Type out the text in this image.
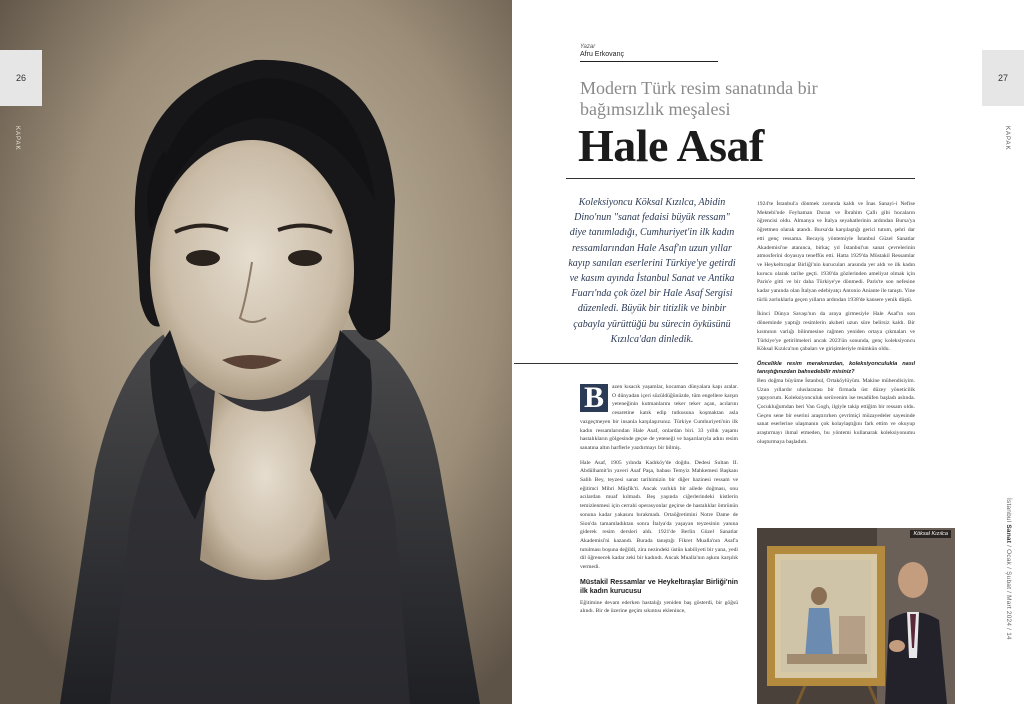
26
KAPAK
27
KAPAK
İstanbul Sanat / Ocak / Şubat / Mart 2024 / 14
Yazar
Afru Erkovanç
Modern Türk resim sanatında bir bağımsızlık meşalesi
Hale Asaf
Koleksiyoncu Köksal Kızılca, Abidin Dino'nun "sanat fedaisi büyük ressam" diye tanımladığı, Cumhuriyet'in ilk kadın ressamlarından Hale Asaf'ın uzun yıllar kayıp sanılan eserlerini Türkiye'ye getirdi ve kasım ayında İstanbul Sanat ve Antika Fuarı'nda çok özel bir Hale Asaf Sergisi düzenledi. Büyük bir titizlik ve binbir çabayla yürüttüğü bu sürecin öyküsünü Kızılca'dan dinledik.

B	azen kısacık yaşamlar, kocaman dünyalara kapı aralar. O dünyadan içeri süzüldüğünüzde, tüm engellere karşın yeteneğinin kutmanlarını teker teker açan, acılarını cesaretine katık edip tutkusuna koşmaktan asla vazgeçmeyen bir insanla karşılaşırsınız. Türkiye Cumhuriyeti'nin ilk kadın ressamlarından Hale Asaf, onlardan biri. 33 yıllık yaşamı hastalıkların gölgesinde geçse de yeteneği ve başarılarıyla adını resim sanatına altın harflerle yazdırmayı bir bilmiş.

Hale Asaf, 1905 yılında Kadıköy'de doğdu. Dedesi Sultan II. Abdülhamit'in yaveri Asaf Paşa, babası Temyiz Mahkemesi Başkanı Salih Bey, teyzesi sanat tarihimizin bir diğer hazinesi ressam ve eğitimci Mihri Müşfik'ti. Ancak varlıklı bir ailede doğması, onu acılardan muaf kılmadı. Beş yaşında ciğerlerindeki kistlerin temizlenmesi için cerrahi operasyonlar geçirse de hastalıklar ömrünün sonuna kadar yakasını bırakmadı. Ortaöğretimini Notre Dame de Sion'da tamamladıktan sonra İtalya'da yaşayan teyzesinin yanına giderek resim dersleri aldı. 1921'de Berlin Güzel Sanatlar Akademisi'ni kazandı. Burada tanıştığı Fikret Mualla'nın Asaf'a tutulması boşuna değildi, zira nezindeki üstün kabiliyeti bir yana, yedi dil öğrenecek kadar zeki bir kadındı. Ancak Mualla'nın aşkını karşılık vermedi.

Müstakil Ressamlar ve Heykeltıraşlar Birliği'nin ilk kadın kurucusu

Eğitimine devam ederken hastalığı yeniden baş gösterdi, bir göğsü alındı. Bir de üzerine geçim sıkıntısı eklenince,

1924'te İstanbul'a dönmek zorunda kaldı ve İnas Sanayi-i Nefise Mektebi'nde Feyhaman Duran ve İbrahim Çallı gibi hocaların öğrencisi oldu. Almanya ve İtalya seyahatlerinin ardından Bursa'ya öğretmen olarak atandı. Bursa'da karşılaştığı gerici tutum, şehri dar etti genç ressama. Becayiş yöntemiyle İstanbul Güzel Sanatlar Akademisi'ne atanınca, birkaç yıl İstanbul'un sanat çevrelerinin atmosferini doyasıya teneffüs etti. Hatta 1929'da Müstakil Ressamlar ve Heykeltıraşlar Birliği'nin kurucuları arasında yer aldı ve ilk kadın kurucu olarak tarihe geçti. 1930'da gözlerinden ameliyat olmak için Paris'e gitti ve bir daha Türkiye'ye dönmedi. Paris'te son nefesine kadar yanında olan İtalyan edebiyatçı Antonio Aniante ile tanıştı. Yine türlü zorluklarla geçen yılların ardından 1938'de kansere yenik düştü.

İkinci Dünya Savaşı'nın da araya girmesiyle Hale Asaf'ın son döneminde yaptığı resimlerin akıbeti uzun süre belirsiz kaldı. Bir kısmının varlığı bilinmesine rağmen yeniden ortaya çıkmaları ve Türkiye'ye getirilmeleri ancak 2023'ün sonunda, genç koleksiyoncu Köksal Kızılca'nın çabaları ve girişimleriyle mümkün oldu.

Öncelikle resim merakınızdan, koleksiyonculukla nasıl tanıştığınızdan bahsedebilir misiniz?

Ben doğma büyüme İstanbul, Ortaköylüyüm. Makine mühendisiyim. Uzun yıllardır uluslararası bir firmada üst düzey yöneticilik yapıyorum. Koleksiyonculuk serüvenim ise tesadüfen başladı aslında. Çocukluğumdan beri Van Gogh, ilgiyle takip ettiğim bir ressam oldu. Geçen sene bir eserini araştırırken çevrimiçi müzayedeler sayesinde sanat eserlerine ulaşmanın çok kolaylaştığını fark ettim ve okuyup araştırmayı ihmal etmeden, bu yöntemi kullanarak koleksiyonumu oluşturmaya başladım.

Köksal Kızılca
